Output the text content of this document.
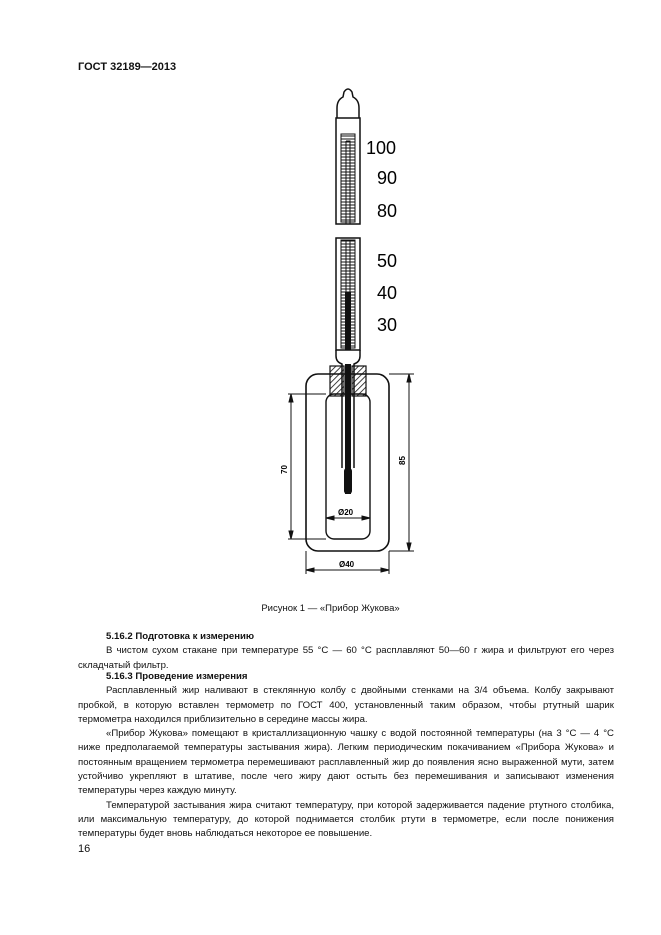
ГОСТ 32189—2013
100
90
80
50
40
30
Ø20
Ø40
70
85
Рисунок 1 — «Прибор Жукова»

5.16.2 Подготовка к измерению

В чистом сухом стакане при температуре 55 °С — 60 °С расплавляют 50—60 г жира и фильтруют его через складчатый фильтр.

5.16.3 Проведение измерения

Расплавленный жир наливают в стеклянную колбу с двойными стенками на 3/4 объема. Колбу закрывают пробкой, в которую вставлен термометр по ГОСТ 400, установленный таким образом, чтобы ртутный шарик термометра находился приблизительно в середине массы жира.

«Прибор Жукова» помещают в кристаллизационную чашку с водой постоянной температуры (на 3 °С — 4 °С ниже предполагаемой температуры застывания жира). Легким периодическим покачиванием «Прибора Жукова» и постоянным вращением термометра перемешивают расплавленный жир до появления ясно выраженной мути, затем устойчиво укрепляют в штативе, после чего жиру дают остыть без перемешивания и записывают изменения температуры через каждую минуту.

Температурой застывания жира считают температуру, при которой задерживается падение ртутного столбика, или максимальную температуру, до которой поднимается столбик ртути в термометре, если после понижения температуры будет вновь наблюдаться некоторое ее повышение.

16
